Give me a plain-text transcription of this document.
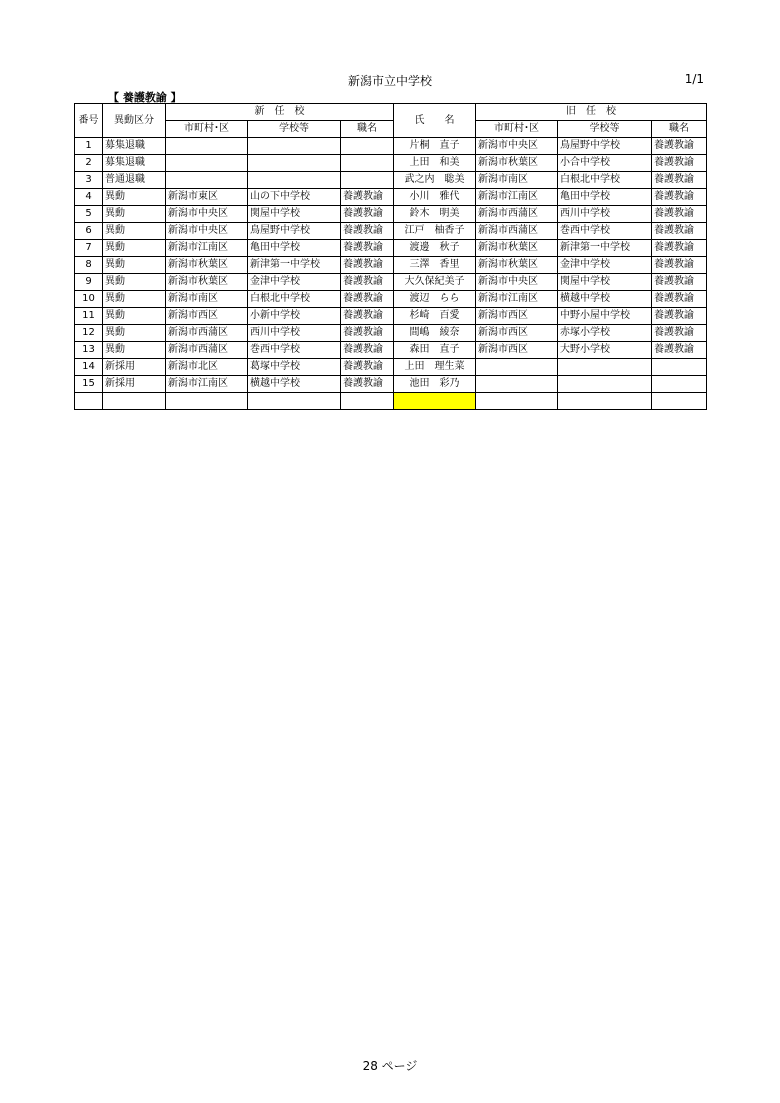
新潟市立中学校	1/1
【 養護教諭 】
番号	異動区分	新　任　校			氏　　名	旧　任　校		
		市町村･区	学校等	職名		市町村･区	学校等	職名
1	募集退職				片桐　直子	新潟市中央区	鳥屋野中学校	養護教諭
2	募集退職				上田　和美	新潟市秋葉区	小合中学校	養護教諭
3	普通退職				武之内　聡美	新潟市南区	白根北中学校	養護教諭
4	異動	新潟市東区	山の下中学校	養護教諭	小川　雅代	新潟市江南区	亀田中学校	養護教諭
5	異動	新潟市中央区	関屋中学校	養護教諭	鈴木　明美	新潟市西蒲区	西川中学校	養護教諭
6	異動	新潟市中央区	鳥屋野中学校	養護教諭	江戸　柚香子	新潟市西蒲区	巻西中学校	養護教諭
7	異動	新潟市江南区	亀田中学校	養護教諭	渡邊　秋子	新潟市秋葉区	新津第一中学校	養護教諭
8	異動	新潟市秋葉区	新津第一中学校	養護教諭	三澤　香里	新潟市秋葉区	金津中学校	養護教諭
9	異動	新潟市秋葉区	金津中学校	養護教諭	大久保紀美子	新潟市中央区	関屋中学校	養護教諭
10	異動	新潟市南区	白根北中学校	養護教諭	渡辺　らら	新潟市江南区	横越中学校	養護教諭
11	異動	新潟市西区	小新中学校	養護教諭	杉崎　百愛	新潟市西区	中野小屋中学校	養護教諭
12	異動	新潟市西蒲区	西川中学校	養護教諭	間嶋　綾奈	新潟市西区	赤塚小学校	養護教諭
13	異動	新潟市西蒲区	巻西中学校	養護教諭	森田　直子	新潟市西区	大野小学校	養護教諭
14	新採用	新潟市北区	葛塚中学校	養護教諭	上田　理生菜			
15	新採用	新潟市江南区	横越中学校	養護教諭	池田　彩乃			

28 ページ
